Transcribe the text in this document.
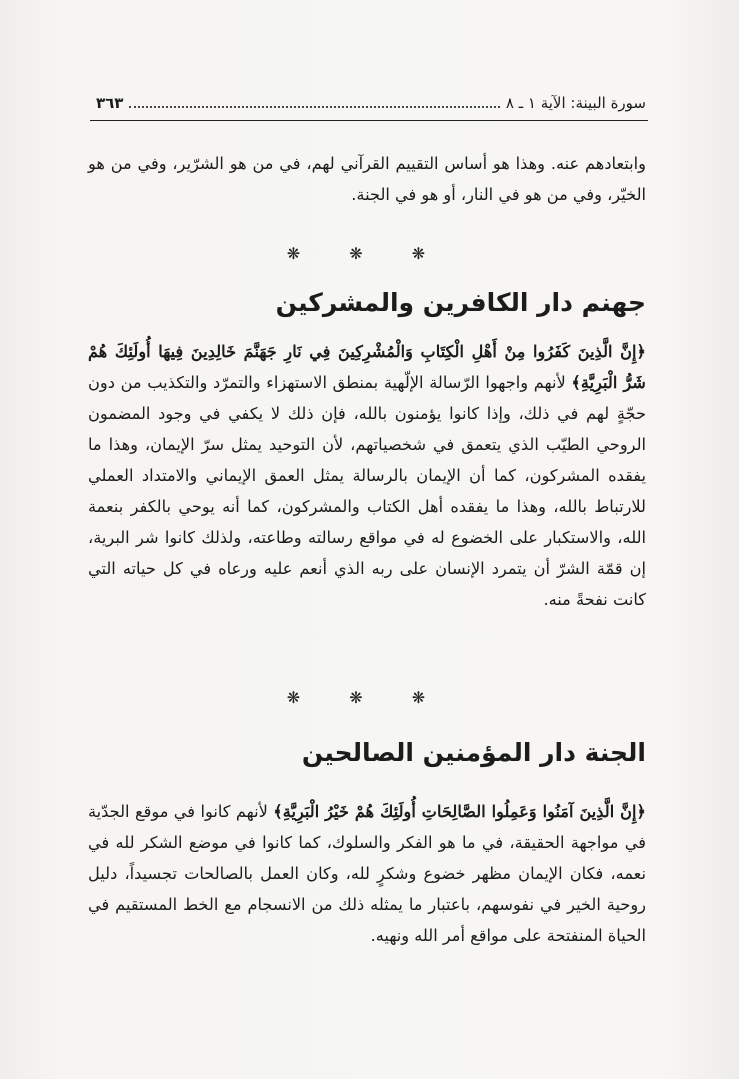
سورة البينة: الآية ١ ـ ٨
٣٦٣
وابتعادهم عنه. وهذا هو أساس التقييم القرآني لهم، في من هو الشرّير، وفي من هو الخيّر، وفي من هو في النار، أو هو في الجنة.
❋ ❋ ❋
جهنم دار الكافرين والمشركين
﴿إِنَّ الَّذِينَ كَفَرُوا مِنْ أَهْلِ الْكِتَابِ وَالْمُشْرِكِينَ فِي نَارِ جَهَنَّمَ خَالِدِينَ فِيهَا أُولَئِكَ هُمْ شَرُّ الْبَرِيَّةِ﴾ لأنهم واجهوا الرّسالة الإلّهية بمنطق الاستهزاء والتمرّد والتكذيب من دون حجّةٍ لهم في ذلك، وإذا كانوا يؤمنون بالله، فإن ذلك لا يكفي في وجود المضمون الروحي الطيّب الذي يتعمق في شخصياتهم، لأن التوحيد يمثل سرّ الإيمان، وهذا ما يفقده المشركون، كما أن الإيمان بالرسالة يمثل العمق الإيماني والامتداد العملي للارتباط بالله، وهذا ما يفقده أهل الكتاب والمشركون، كما أنه يوحي بالكفر بنعمة الله، والاستكبار على الخضوع له في مواقع رسالته وطاعته، ولذلك كانوا شر البرية، إن قمّة الشرّ أن يتمرد الإنسان على ربه الذي أنعم عليه ورعاه في كل حياته التي كانت نفحةً منه.
❋ ❋ ❋
الجنة دار المؤمنين الصالحين
﴿إِنَّ الَّذِينَ آمَنُوا وَعَمِلُوا الصَّالِحَاتِ أُولَئِكَ هُمْ خَيْرُ الْبَرِيَّةِ﴾ لأنهم كانوا في موقع الجدّية في مواجهة الحقيقة، في ما هو الفكر والسلوك، كما كانوا في موضع الشكر لله في نعمه، فكان الإيمان مظهر خضوع وشكرٍ لله، وكان العمل بالصالحات تجسيداً، دليل روحية الخير في نفوسهم، باعتبار ما يمثله ذلك من الانسجام مع الخط المستقيم في الحياة المنفتحة على مواقع أمر الله ونهيه.
